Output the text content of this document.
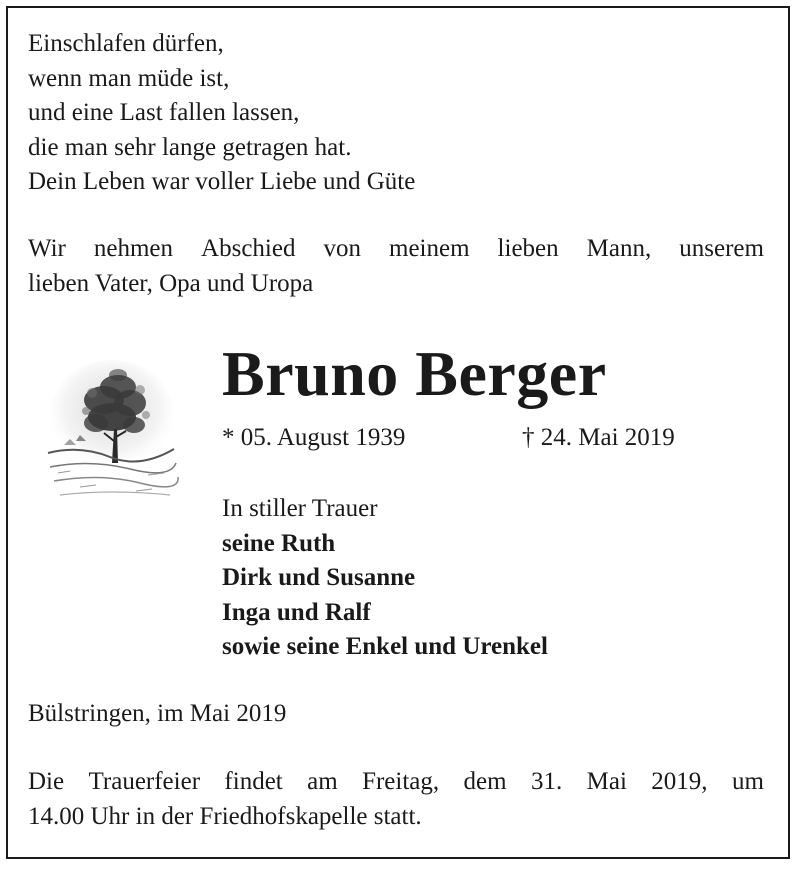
Einschlafen dürfen,
wenn man müde ist,
und eine Last fallen lassen,
die man sehr lange getragen hat.
Dein Leben war voller Liebe und Güte
Wir nehmen Abschied von meinem lieben Mann, unserem
lieben Vater, Opa und Uropa
Bruno Berger
* 05. August 1939	† 24. Mai 2019
In stiller Trauer
seine Ruth
Dirk und Susanne
Inga und Ralf
sowie seine Enkel und Urenkel
Bülstringen, im Mai 2019
Die Trauerfeier findet am Freitag, dem 31. Mai 2019, um
14.00 Uhr in der Friedhofskapelle statt.
